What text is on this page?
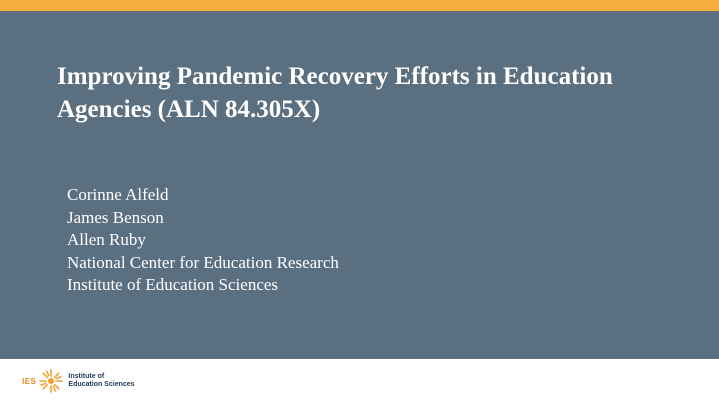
Improving Pandemic Recovery Efforts in Education
Agencies (ALN 84.305X)
Corinne Alfeld
James Benson
Allen Ruby
National Center for Education Research
Institute of Education Sciences
IES	Institute of
Education Sciences
